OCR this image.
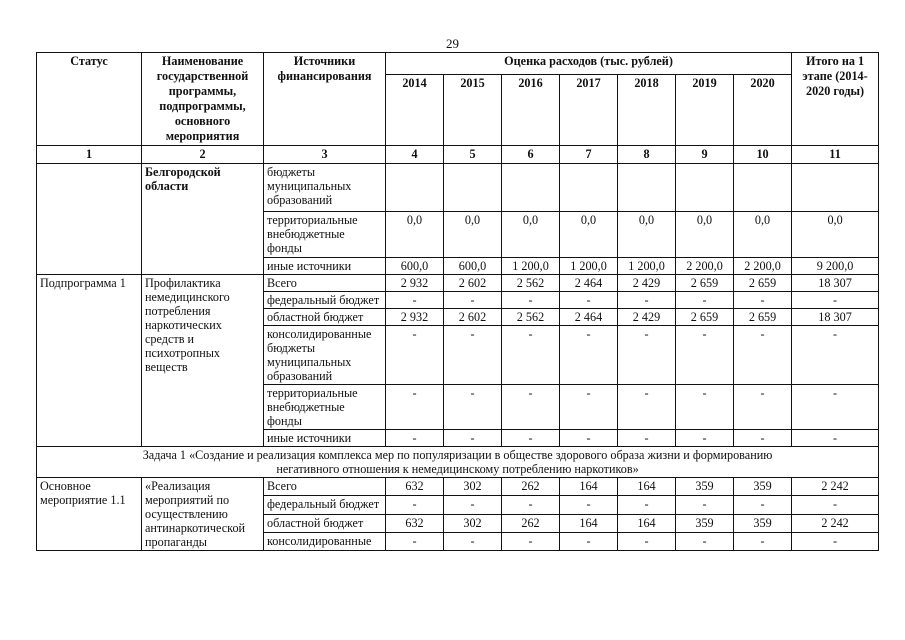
29
Статус	Наименование государственной программы, подпрограммы, основного мероприятия	Источники финансирования	Оценка расходов (тыс. рублей)							Итого на 1 этапе (2014-2020 годы)
			2014	2015	2016	2017	2018	2019	2020	
1	2	3	4	5	6	7	8	9	10	11
	Белгородской области	бюджеты муниципальных образований								
		территориальные внебюджетные фонды	0,0	0,0	0,0	0,0	0,0	0,0	0,0	0,0
		иные источники	600,0	600,0	1 200,0	1 200,0	1 200,0	2 200,0	2 200,0	9 200,0
Подпрограмма 1	Профилактика немедицинского потребления наркотических средств и психотропных веществ	Всего	2 932	2 602	2 562	2 464	2 429	2 659	2 659	18 307
		федеральный бюджет	-	-	-	-	-	-	-	-
		областной бюджет	2 932	2 602	2 562	2 464	2 429	2 659	2 659	18 307
		консолидированные бюджеты муниципальных образований	-	-	-	-	-	-	-	-
		территориальные внебюджетные фонды	-	-	-	-	-	-	-	-
		иные источники	-	-	-	-	-	-	-	-
Задача 1 «Создание и реализация комплекса мер по популяризации в обществе здорового образа жизни и формированию
негативного отношения к немедицинскому потреблению наркотиков»										
Основное мероприятие 1.1	«Реализация мероприятий по осуществлению антинаркотической пропаганды	Всего	632	302	262	164	164	359	359	2 242
		федеральный бюджет	-	-	-	-	-	-	-	-
		областной бюджет	632	302	262	164	164	359	359	2 242
		консолидированные	-	-	-	-	-	-	-	-
